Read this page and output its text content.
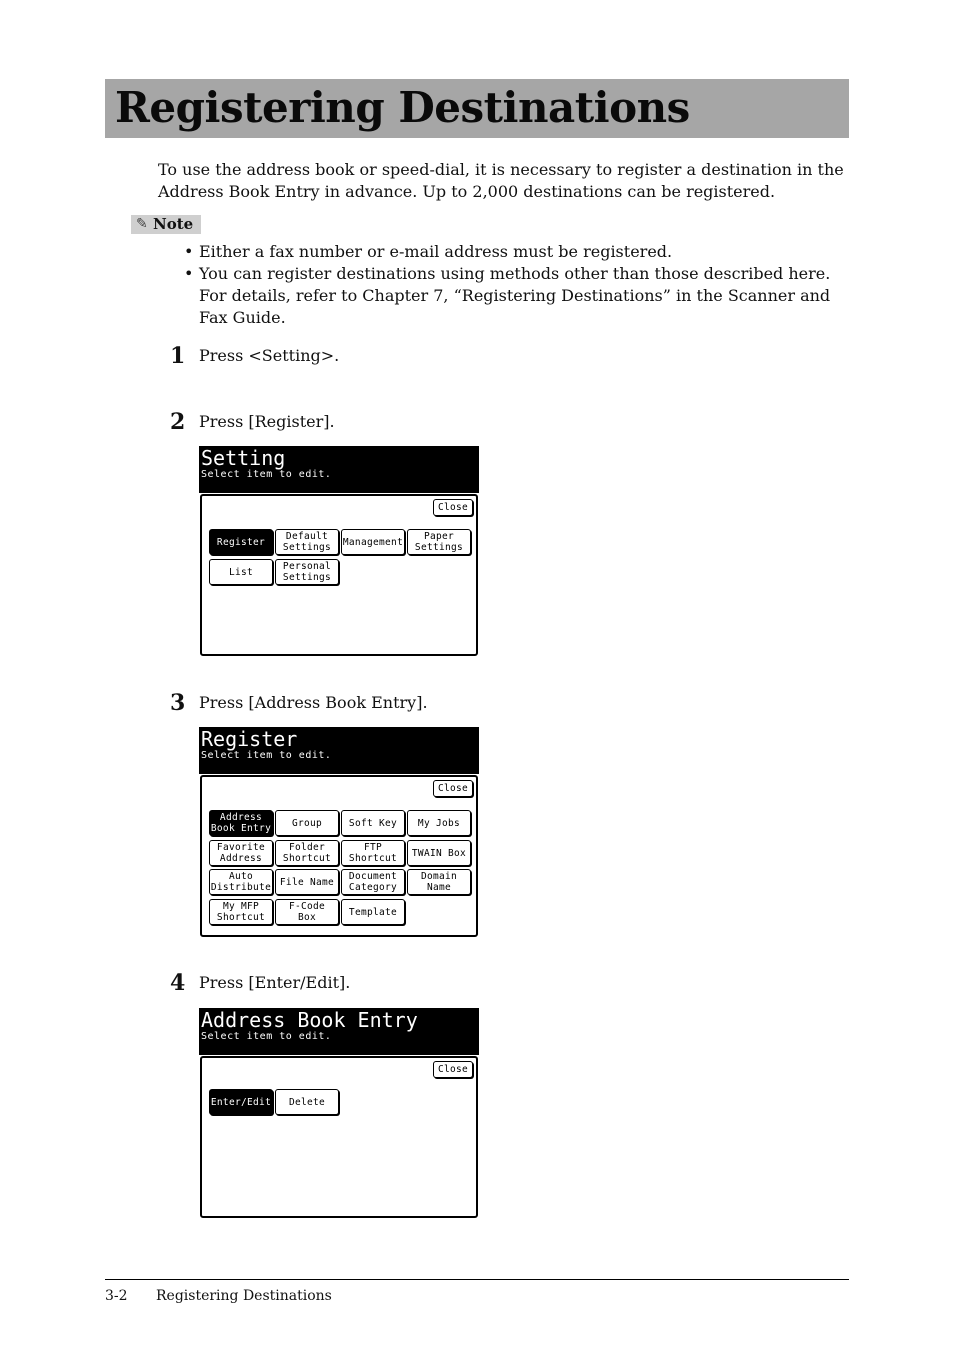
Registering Destinations

To use the address book or speed-dial, it is necessary to register a destination in the Address Book Entry in advance. Up to 2,000 destinations can be registered.

✎ Note
• Either a fax number or e-mail address must be registered.
• You can register destinations using methods other than those described here. For details, refer to Chapter 7, “Registering Destinations” in the Scanner and Fax Guide.
1 Press <Setting>.
2 Press [Register].
Setting
Select item to edit.
Close
Register	Default
Settings	Management	Paper
Settings
List	Personal
Settings
3 Press [Address Book Entry].
Register
Select item to edit.
Close
Address
Book Entry	Group	Soft Key	My Jobs
Favorite
Address
Folder
Shortcut
FTP
Shortcut	TWAIN Box
Auto
Distribute File Name	Document
Category
Domain
Name
My MFP
Shortcut
F-Code
Box	Template
4 Press [Enter/Edit].
Address Book Entry
Select item to edit.
Close
Enter/Edit	Delete
3-2 Registering Destinations
